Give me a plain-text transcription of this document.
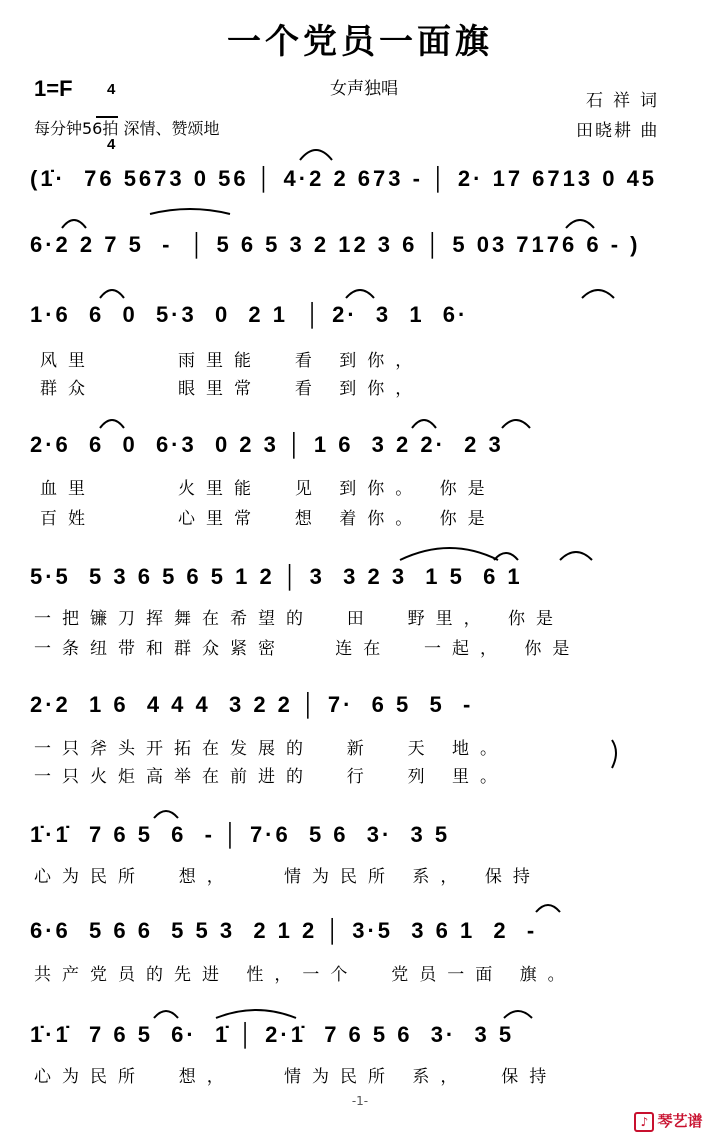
一个党员一面旗
1=F	4

4

女声独唱
石祥词
田晓耕 曲
每分钟56拍 深情、赞颂地
(1̇·  76 5673 0 56 │ 4·2 2 673 - │ 2· 17 6713 0 45
6·2 2 7 5  -  │ 5 6 5 3 2 12 3 6 │ 5 03 7176 6 - )
1·6  6  0  5·3  0  2 1  │ 2·  3  1  6·
风里     雨里能  看 到你，
群众     眼里常  看 到你，
2·6  6  0  6·3  0 2 3 │ 1 6  3 2 2·  2 3
血里     火里能  见 到你。 你是
百姓     心里常  想 着你。 你是
5·5  5 3 6 5 6 5 1 2 │ 3  3 2 3  1 5  6 1
一把镰刀挥舞在希望的  田  野里， 你是
一条纽带和群众紧密   连在  一起， 你是
2·2  1 6  4 4 4  3 2 2 │ 7·  6 5  5  -
一只斧头开拓在发展的  新  天 地。
一只火炬高举在前进的  行  列 里。
1̇·1̇  7 6 5  6  - │ 7·6  5 6  3·  3 5
心为民所  想，   情为民所 系， 保持
6·6  5 6 6  5 5 3  2 1 2 │ 3·5  3 6 1  2  -
共产党员的先进 性，一个  党员一面 旗。
1̇·1̇  7 6 5  6·  1̇ │ 2·1̇  7 6 5 6  3·  3 5
心为民所  想，   情为民所 系，  保持
-1-

♪ 琴艺谱
